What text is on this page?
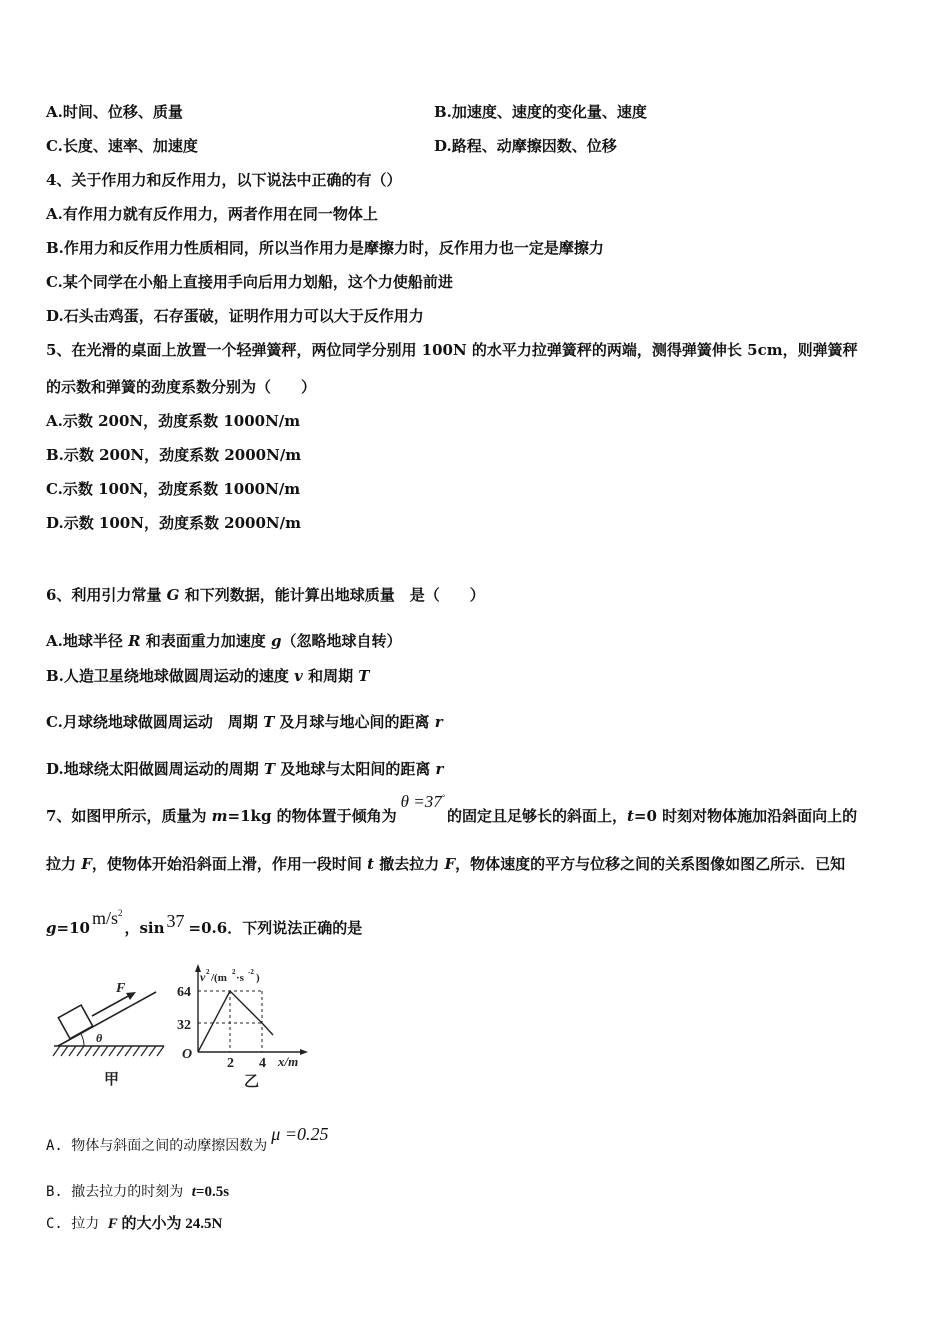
A.时间、位移、质量	B.加速度、速度的变化量、速度
C.长度、速率、加速度	D.路程、动摩擦因数、位移
4、关于作用力和反作用力，以下说法中正确的有（）
A.有作用力就有反作用力，两者作用在同一物体上
B.作用力和反作用力性质相同，所以当作用力是摩擦力时，反作用力也一定是摩擦力
C.某个同学在小船上直接用手向后用力划船，这个力使船前进
D.石头击鸡蛋，石存蛋破，证明作用力可以大于反作用力
5、在光滑的桌面上放置一个轻弹簧秤，两位同学分别用 100N 的水平力拉弹簧秤的两端，测得弹簧伸长 5cm，则弹簧秤
的示数和弹簧的劲度系数分别为（　　）
A.示数 200N，劲度系数 1000N/m
B.示数 200N，劲度系数 2000N/m
C.示数 100N，劲度系数 1000N/m
D.示数 100N，劲度系数 2000N/m
6、利用引力常量 G 和下列数据，能计算出地球质量　是（　　）
A.地球半径 R 和表面重力加速度 g（忽略地球自转）
B.人造卫星绕地球做圆周运动的速度 v 和周期 T
C.月球绕地球做圆周运动　周期 T 及月球与地心间的距离 r
D.地球绕太阳做圆周运动的周期 T 及地球与太阳间的距离 r
7、如图甲所示，质量为 m=1kg 的物体置于倾角为θ =37°的固定且足够长的斜面上，t=0 时刻对物体施加沿斜面向上的
拉力 F，使物体开始沿斜面上滑，作用一段时间 t 撤去拉力 F，物体速度的平方与位移之间的关系图像如图乙所示．已知
g=10 $m/s^2$，sin 37 =0.6．下列说法正确的是
F
θ
甲
v 2 /(m 2 ·s -2 )
64
32
O
2 4 x/m
乙
A. 物体与斜面之间的动摩擦因数为μ =0.25
B. 撤去拉力的时刻为 t=0.5s
C. 拉力 F 的大小为 24.5N
